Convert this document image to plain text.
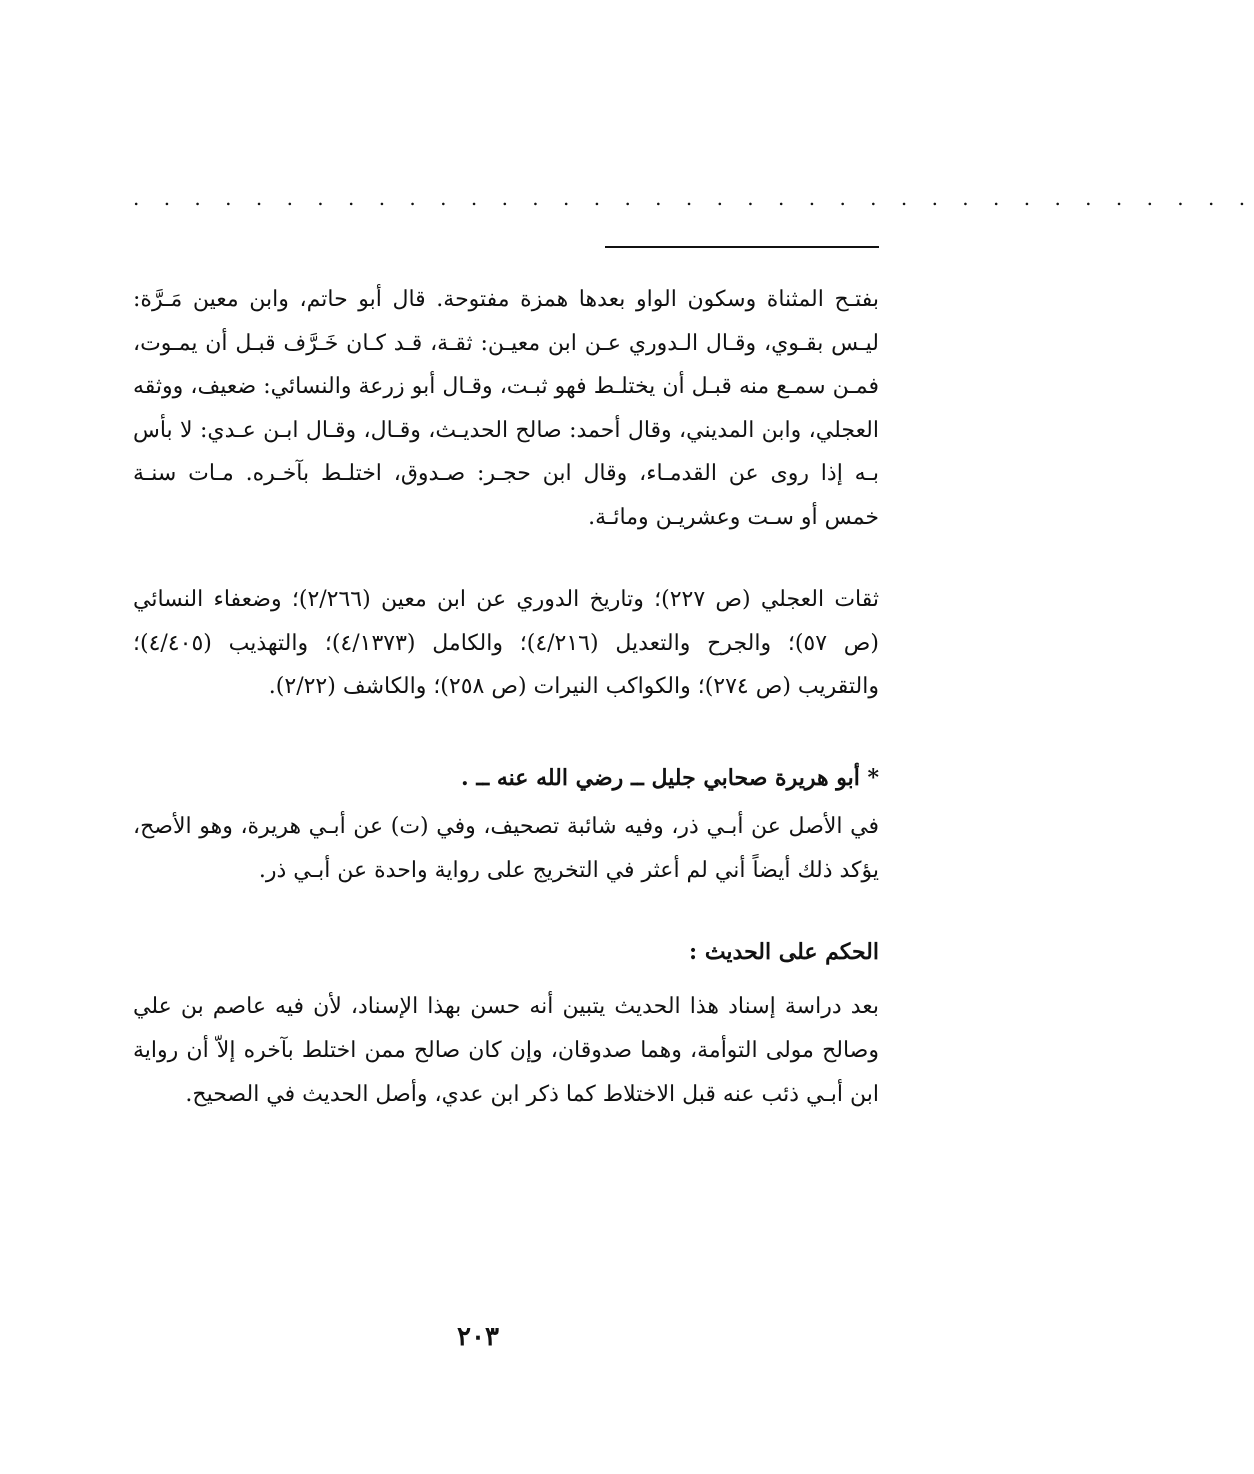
. . . . . . . . . . . . . . . . . . . . . . . . . . . . . . . . . . . . .
بفتـح المثناة وسكون الواو بعدها همزة مفتوحة. قال أبو حاتم، وابن معين مَـرَّة: ليـس بقـوي، وقـال الـدوري عـن ابن معيـن: ثقـة، قـد كـان خَـرَّف قبـل أن يمـوت، فمـن سمـع منه قبـل أن يختلـط فهو ثبـت، وقـال أبو زرعة والنسائي: ضعيف، ووثقه العجلي، وابن المديني، وقال أحمد: صالح الحديـث، وقـال، وقـال ابـن عـدي: لا بأس بـه إذا روى عن القدمـاء، وقال ابن حجـر: صـدوق، اختلـط بآخـره. مـات سنـة خمس أو سـت وعشريـن ومائـة.
ثقات العجلي (ص ٢٢٧)؛ وتاريخ الدوري عن ابن معين (٢/٢٦٦)؛ وضعفاء النسائي (ص ٥٧)؛ والجرح والتعديل (٤/٢١٦)؛ والكامل (٤/١٣٧٣)؛ والتهذيب (٤/٤٠٥)؛ والتقريب (ص ٢٧٤)؛ والكواكب النيرات (ص ٢٥٨)؛ والكاشف (٢/٢٢).
* أبو هريرة صحابي جليل ــ رضي الله عنه ــ .
في الأصل عن أبـي ذر، وفيه شائبة تصحيف، وفي (ت) عن أبـي هريرة، وهو الأصح، يؤكد ذلك أيضاً أني لم أعثر في التخريج على رواية واحدة عن أبـي ذر.
الحكم على الحديث :
بعد دراسة إسناد هذا الحديث يتبين أنه حسن بهذا الإسناد، لأن فيه عاصم بن علي وصالح مولى التوأمة، وهما صدوقان، وإن كان صالح ممن اختلط بآخره إلاّ أن رواية ابن أبـي ذئب عنه قبل الاختلاط كما ذكر ابن عدي، وأصل الحديث في الصحيح.
٢٠٣
